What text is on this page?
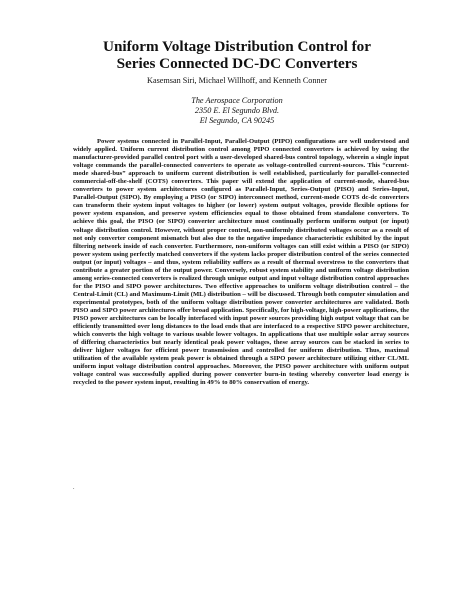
Uniform Voltage Distribution Control for
Series Connected DC-DC Converters
Kasemsan Siri, Michael Willhoff, and Kenneth Conner
The Aerospace Corporation
2350 E. El Segundo Blvd.
El Segundo, CA 90245

Power systems connected in Parallel-Input, Parallel-Output (PIPO) configurations are well understood and widely applied. Uniform current distribution control among PIPO connected converters is achieved by using the manufacturer-provided parallel control port with a user-developed shared-bus control topology, wherein a single input voltage commands the parallel-connected converters to operate as voltage-controlled current-sources. This “current-mode shared-bus” approach to uniform current distribution is well established, particularly for parallel-connected commercial-off-the-shelf (COTS) converters. This paper will extend the application of current-mode, shared-bus converters to power system architectures configured as Parallel-Input, Series-Output (PISO) and Series-Input, Parallel-Output (SIPO). By employing a PISO (or SIPO) interconnect method, current-mode COTS dc-dc converters can transform their system input voltages to higher (or lower) system output voltages, provide flexible options for power system expansion, and preserve system efficiencies equal to those obtained from standalone converters. To achieve this goal, the PISO (or SIPO) converter architecture must continually perform uniform output (or input) voltage distribution control. However, without proper control, non-uniformly distributed voltages occur as a result of not only converter component mismatch but also due to the negative impedance characteristic exhibited by the input filtering network inside of each converter. Furthermore, non-uniform voltages can still exist within a PISO (or SIPO) power system using perfectly matched converters if the system lacks proper distribution control of the series connected output (or input) voltages – and thus, system reliability suffers as a result of thermal overstress to the converters that contribute a greater portion of the output power. Conversely, robust system stability and uniform voltage distribution among series-connected converters is realized through unique output and input voltage distribution control approaches for the PISO and SIPO power architectures. Two effective approaches to uniform voltage distribution control – the Central-Limit (CL) and Maximum-Limit (ML) distribution – will be discussed. Through both computer simulation and experimental prototypes, both of the uniform voltage distribution power converter architectures are validated. Both PISO and SIPO power architectures offer broad application. Specifically, for high-voltage, high-power applications, the PISO power architectures can be locally interfaced with input power sources providing high output voltage that can be efficiently transmitted over long distances to the load ends that are interfaced to a respective SIPO power architecture, which converts the high voltage to various usable lower voltages. In applications that use multiple solar array sources of differing characteristics but nearly identical peak power voltages, these array sources can be stacked in series to deliver higher voltages for efficient power transmission and controlled for uniform distribution. Thus, maximal utilization of the available system peak power is obtained through a SIPO power architecture utilizing either CL/ML uniform input voltage distribution control approaches. Moreover, the PISO power architecture with uniform output voltage control was successfully applied during power converter burn-in testing whereby converter load energy is recycled to the power system input, resulting in 49% to 80% conservation of energy.

.
